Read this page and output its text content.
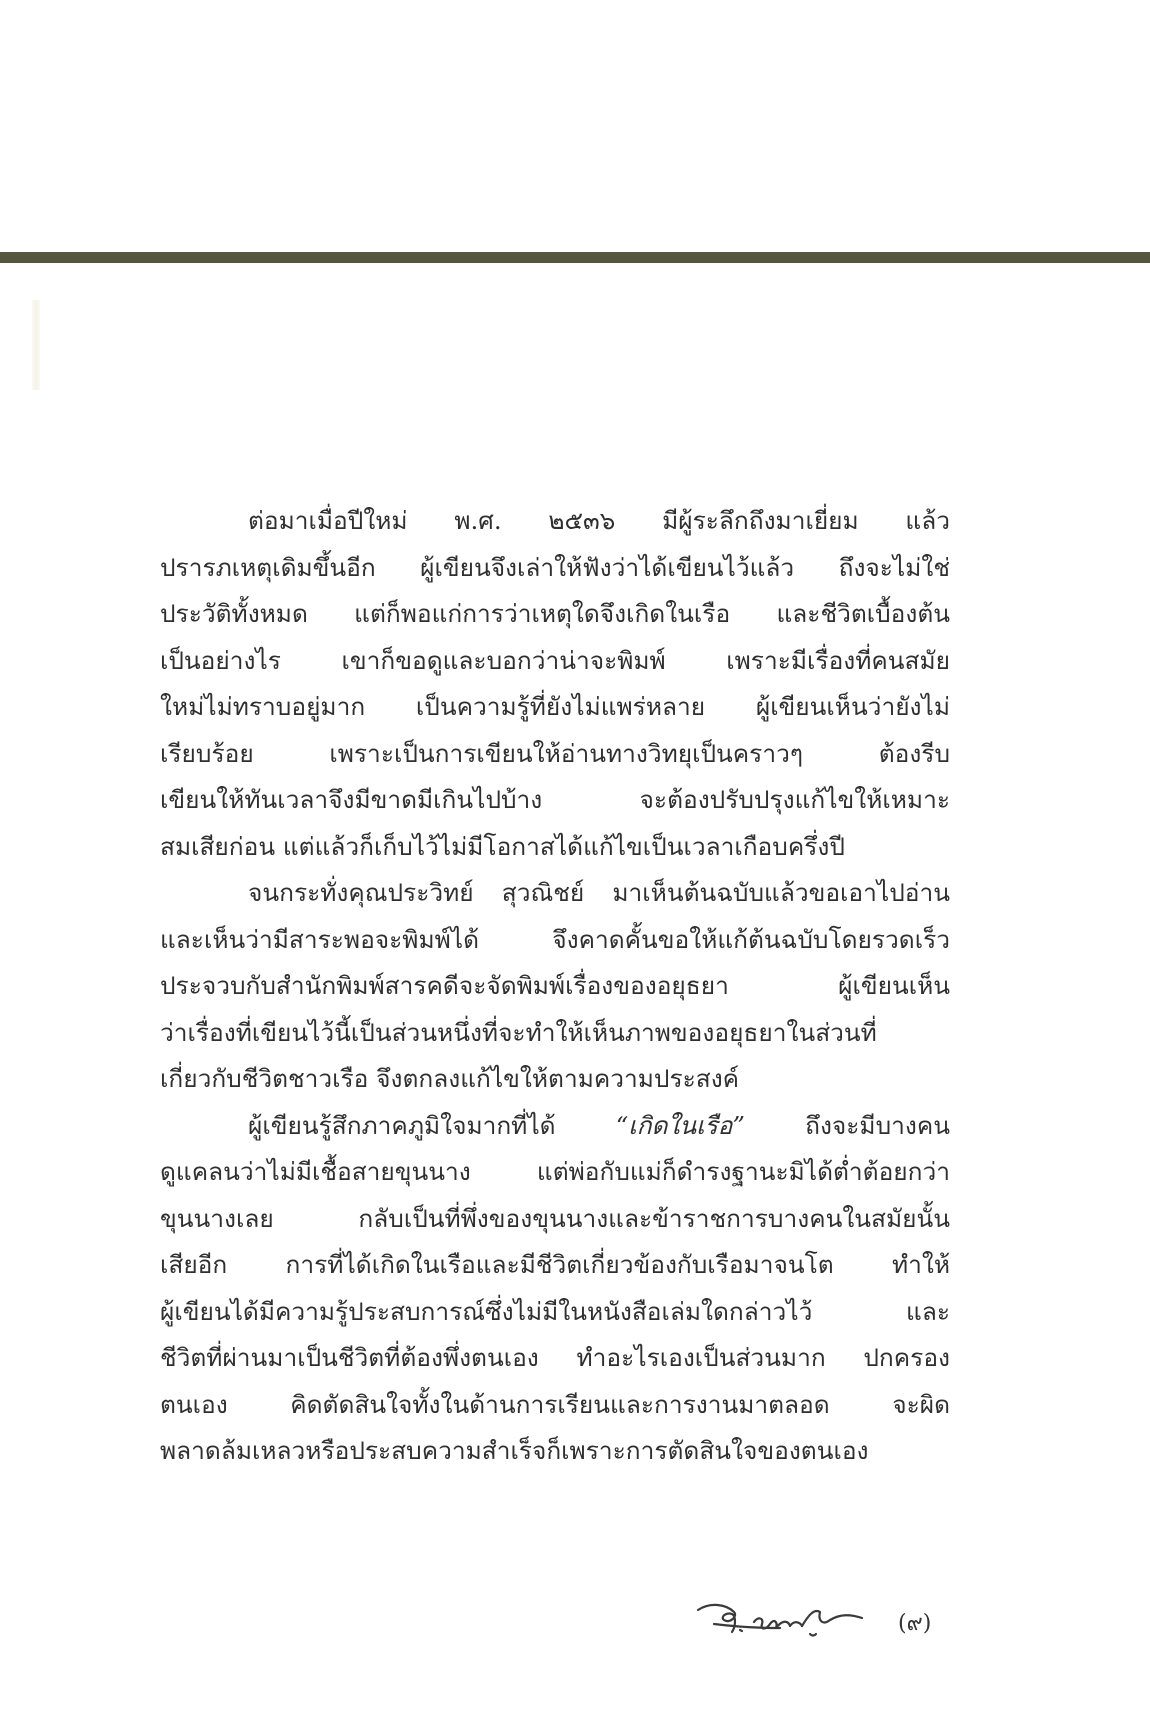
ต่อมาเมื่อปีใหม่ พ.ศ. ๒๕๓๖ มีผู้ระลึกถึงมาเยี่ยม แล้ว
ปรารภเหตุเดิมขึ้นอีก ผู้เขียนจึงเล่าให้ฟังว่าได้เขียนไว้แล้ว ถึงจะไม่ใช่
ประวัติทั้งหมด แต่ก็พอแก่การว่าเหตุใดจึงเกิดในเรือ และชีวิตเบื้องต้น
เป็นอย่างไร เขาก็ขอดูและบอกว่าน่าจะพิมพ์ เพราะมีเรื่องที่คนสมัย
ใหม่ไม่ทราบอยู่มาก เป็นความรู้ที่ยังไม่แพร่หลาย ผู้เขียนเห็นว่ายังไม่
เรียบร้อย เพราะเป็นการเขียนให้อ่านทางวิทยุเป็นคราวๆ ต้องรีบ
เขียนให้ทันเวลาจึงมีขาดมีเกินไปบ้าง จะต้องปรับปรุงแก้ไขให้เหมาะ
สมเสียก่อน แต่แล้วก็เก็บไว้ไม่มีโอกาสได้แก้ไขเป็นเวลาเกือบครึ่งปี
จนกระทั่งคุณประวิทย์ สุวณิชย์ มาเห็นต้นฉบับแล้วขอเอาไปอ่าน
และเห็นว่ามีสาระพอจะพิมพ์ได้ จึงคาดคั้นขอให้แก้ต้นฉบับโดยรวดเร็ว
ประจวบกับสำนักพิมพ์สารคดีจะจัดพิมพ์เรื่องของอยุธยา ผู้เขียนเห็น
ว่าเรื่องที่เขียนไว้นี้เป็นส่วนหนึ่งที่จะทำให้เห็นภาพของอยุธยาในส่วนที่
เกี่ยวกับชีวิตชาวเรือ จึงตกลงแก้ไขให้ตามความประสงค์
ผู้เขียนรู้สึกภาคภูมิใจมากที่ได้ “เกิดในเรือ” ถึงจะมีบางคน
ดูแคลนว่าไม่มีเชื้อสายขุนนาง แต่พ่อกับแม่ก็ดำรงฐานะมิได้ต่ำต้อยกว่า
ขุนนางเลย กลับเป็นที่พึ่งของขุนนางและข้าราชการบางคนในสมัยนั้น
เสียอีก การที่ได้เกิดในเรือและมีชีวิตเกี่ยวข้องกับเรือมาจนโต ทำให้
ผู้เขียนได้มีความรู้ประสบการณ์ซึ่งไม่มีในหนังสือเล่มใดกล่าวไว้ และ
ชีวิตที่ผ่านมาเป็นชีวิตที่ต้องพึ่งตนเอง ทำอะไรเองเป็นส่วนมาก ปกครอง
ตนเอง คิดตัดสินใจทั้งในด้านการเรียนและการงานมาตลอด จะผิด
พลาดล้มเหลวหรือประสบความสำเร็จก็เพราะการตัดสินใจของตนเอง
(๙)
